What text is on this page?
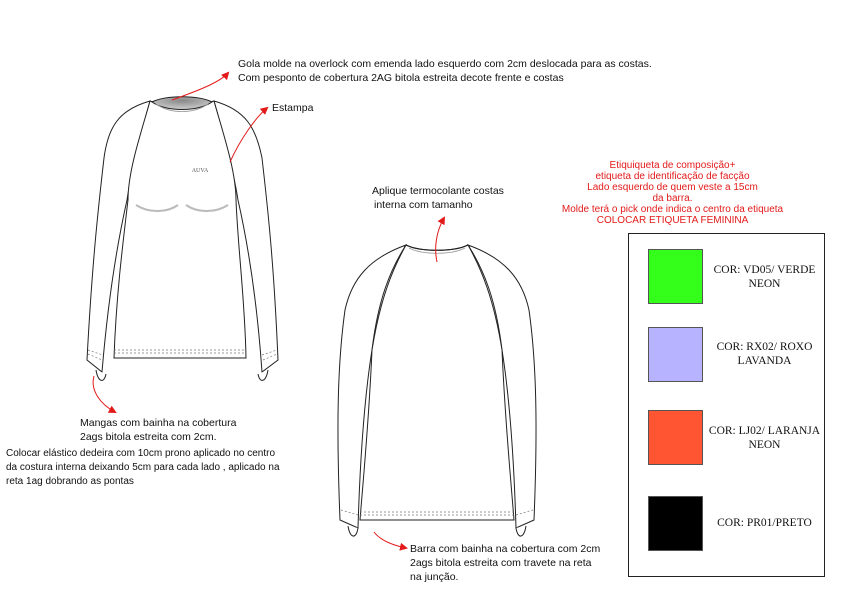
AUVA
Gola molde na overlock com emenda lado esquerdo com 2cm deslocada para as costas.
Com pesponto de cobertura 2AG bitola estreita decote frente e costas
Estampa
Aplique termocolante costas
interna com tamanho
Mangas com bainha na cobertura
2ags bitola estreita com 2cm.
Colocar elástico dedeira com 10cm prono aplicado no centro
da costura interna deixando 5cm para cada lado , aplicado na
reta 1ag dobrando as pontas
Barra com bainha na cobertura com 2cm
2ags bitola estreita com travete na reta
na junção.
Etiquiqueta de composição+
etiqueta de identificação de facção
Lado esquerdo de quem veste a 15cm
da barra.
Molde terá o pick onde indica o centro da etiqueta
COLOCAR ETIQUETA FEMININA
COR: VD05/ VERDE NEON
COR: RX02/ ROXO LAVANDA
COR: LJ02/ LARANJA NEON
COR: PR01/PRETO
